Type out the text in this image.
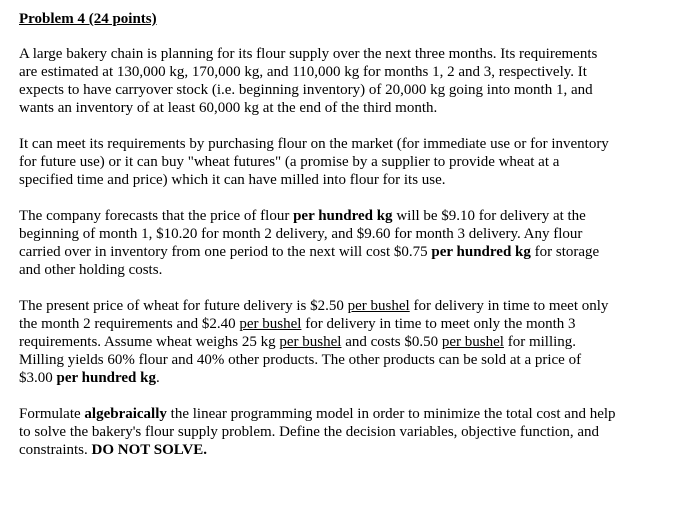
Problem 4 (24 points)
A large bakery chain is planning for its flour supply over the next three months. Its requirements
are estimated at 130,000 kg, 170,000 kg, and 110,000 kg for months 1, 2 and 3, respectively. It
expects to have carryover stock (i.e. beginning inventory) of 20,000 kg going into month 1, and
wants an inventory of at least 60,000 kg at the end of the third month.
It can meet its requirements by purchasing flour on the market (for immediate use or for inventory
for future use) or it can buy "wheat futures" (a promise by a supplier to provide wheat at a
specified time and price) which it can have milled into flour for its use.
The company forecasts that the price of flour per hundred kg will be $9.10 for delivery at the
beginning of month 1, $10.20 for month 2 delivery, and $9.60 for month 3 delivery. Any flour
carried over in inventory from one period to the next will cost $0.75 per hundred kg for storage
and other holding costs.
The present price of wheat for future delivery is $2.50 per bushel for delivery in time to meet only
the month 2 requirements and $2.40 per bushel for delivery in time to meet only the month 3
requirements. Assume wheat weighs 25 kg per bushel and costs $0.50 per bushel for milling.
Milling yields 60% flour and 40% other products. The other products can be sold at a price of
$3.00 per hundred kg.
Formulate algebraically the linear programming model in order to minimize the total cost and help
to solve the bakery's flour supply problem. Define the decision variables, objective function, and
constraints. DO NOT SOLVE.
